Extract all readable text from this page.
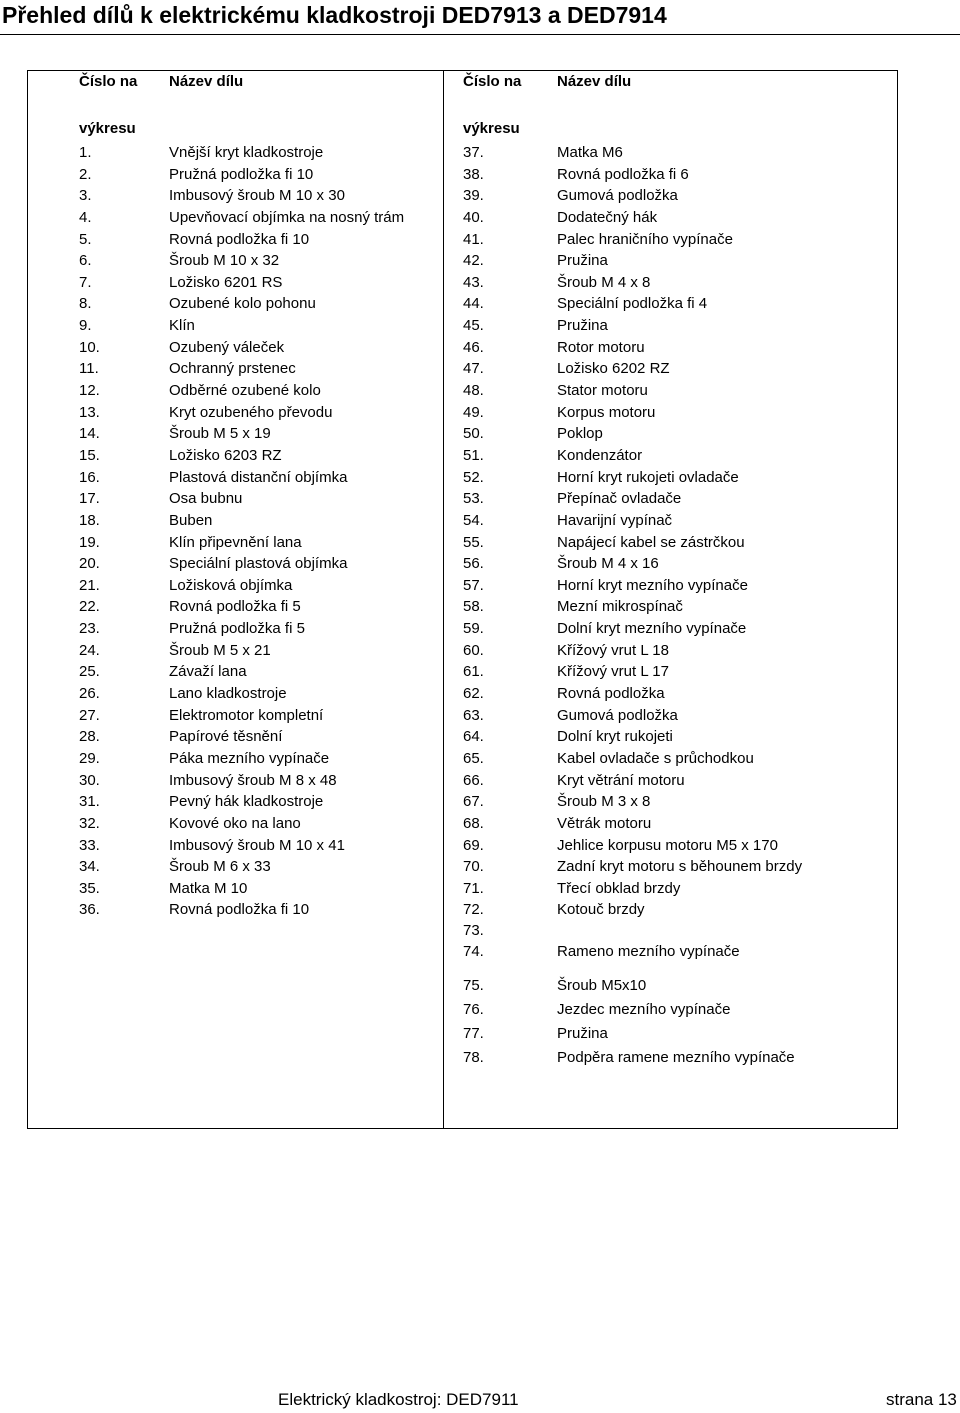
Přehled dílů k elektrickému kladkostroji DED7913 a DED7914
Číslo na Název dílu
výkresu
1.	Vnější kryt kladkostroje
2.	Pružná podložka fi 10
3.	Imbusový šroub M 10 x 30
4.	Upevňovací objímka na nosný trám
5.	Rovná podložka fi 10
6.	Šroub M 10 x 32
7.	Ložisko 6201 RS
8.	Ozubené kolo pohonu
9.	Klín
10.	Ozubený váleček
11.	Ochranný prstenec
12.	Odběrné ozubené kolo
13.	Kryt ozubeného převodu
14.	Šroub M 5 x 19
15.	Ložisko 6203 RZ
16.	Plastová distanční objímka
17.	Osa bubnu
18.	Buben
19.	Klín připevnění lana
20.	Speciální plastová objímka
21.	Ložisková objímka
22.	Rovná podložka fi 5
23.	Pružná podložka fi 5
24.	Šroub M 5 x 21
25.	Závaží lana
26.	Lano kladkostroje
27.	Elektromotor kompletní
28.	Papírové těsnění
29.	Páka mezního vypínače
30.	Imbusový šroub M 8 x 48
31.	Pevný hák kladkostroje
32.	Kovové oko na lano
33.	Imbusový šroub M 10 x 41
34.	Šroub M 6 x 33
35.	Matka M 10
36.	Rovná podložka fi 10
Číslo na Název dílu
výkresu
37.	Matka M6
38.	Rovná podložka fi 6
39.	Gumová podložka
40.	Dodatečný hák
41.	Palec hraničního vypínače
42.	Pružina
43.	Šroub M 4 x 8
44.	Speciální podložka fi 4
45.	Pružina
46.	Rotor motoru
47.	Ložisko 6202 RZ
48.	Stator motoru
49.	Korpus motoru
50.	Poklop
51.	Kondenzátor
52.	Horní kryt rukojeti ovladače
53.	Přepínač ovladače
54.	Havarijní vypínač
55.	Napájecí kabel se zástrčkou
56.	Šroub M 4 x 16
57.	Horní kryt mezního vypínače
58.	Mezní mikrospínač
59.	Dolní kryt mezního vypínače
60.	Křížový vrut L 18
61.	Křížový vrut L 17
62.	Rovná podložka
63.	Gumová podložka
64.	Dolní kryt rukojeti
65.	Kabel ovladače s průchodkou
66.	Kryt větrání motoru
67.	Šroub M 3 x 8
68.	Větrák motoru
69.	Jehlice korpusu motoru M5 x 170
70.	Zadní kryt motoru s běhounem brzdy
71.	Třecí obklad brzdy
72.	Kotouč brzdy
73.
74.	Rameno mezního vypínače
75.	Šroub M5x10
76.	Jezdec mezního vypínače
77.	Pružina
78.	Podpěra ramene mezního vypínače
Elektrický kladkostroj: DED7911	strana 13
